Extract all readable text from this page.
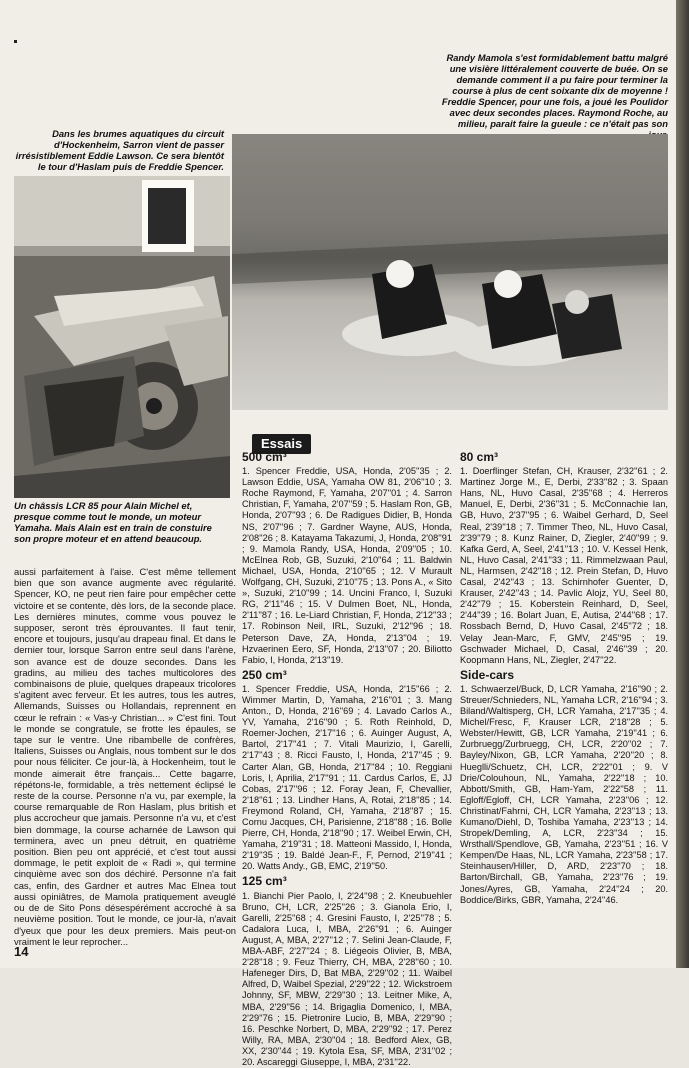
Randy Mamola s'est formidablement battu malgré une visière littéralement couverte de buée. On se demande comment il a pu faire pour terminer la course à plus de cent soixante dix de moyenne ! Freddie Spencer, pour une fois, a joué les Poulidor avec deux secondes places. Raymond Roche, au milieu, parait faire la gueule : ce n'était pas son
Dans les brumes aquatiques du circuit d'Hockenheim, Sarron vient de passer irrésistiblement Eddie Lawson. Ce sera bientôt le tour d'Haslam puis de Freddie Spencer.
Un châssis LCR 85 pour Alain Michel et, presque comme tout le monde, un moteur Yamaha. Mais Alain est en train de constuire son propre moteur et en attend beaucoup.

aussi parfaitement à l'aise. C'est même tellement bien que son avance augmente avec régularité. Spencer, KO, ne peut rien faire pour empêcher cette victoire et se contente, dès lors, de la seconde place. Les dernières minutes, comme vous pouvez le supposer, seront très éprouvantes. Il faut tenir, encore et toujours, jusqu'au drapeau final. Et dans le dernier tour, lorsque Sarron entre seul dans l'arène, son avance est de douze secondes. Dans les gradins, au milieu des taches multicolores des combinaisons de pluie, quelques drapeaux tricolores s'agitent avec ferveur. Et les autres, tous les autres, Allemands, Suisses ou Hollandais, reprennent en cœur le refrain : « Vas-y Christian... » C'est fini. Tout le monde se congratule, se frotte les épaules, se tape sur le ventre. Une ribambelle de confrères, Italiens, Suisses ou Anglais, nous tombent sur le dos pour nous féliciter. Ce jour-là, à Hockenheim, tout le monde aimerait être français... Cette bagarre, répétons-le, formidable, a très nettement éclipsé le reste de la course. Personne n'a vu, par exemple, la course remarquable de Ron Haslam, plus british et plus accrocheur que jamais. Personne n'a vu, et c'est bien dommage, la course acharnée de Lawson qui terminera, avec un pneu détruit, en quatrième position. Bien peu ont apprécié, et c'est tout aussi dommage, le petit exploit de « Radi », qui termine cinquième avec son dos déchiré. Personne n'a fait cas, enfin, des Gardner et autres Mac Elnea tout aussi opiniâtres, de Mamola pratiquement aveuglé ou de de Sito Pons désespérément accroché à sa neuvième position. Tout le monde, ce jour-là, n'avait d'yeux que pour les deux premiers. Mais peut-on vraiment le leur reprocher...

Essais
500 cm³

1. Spencer Freddie, USA, Honda, 2'05''35 ; 2. Lawson Eddie, USA, Yamaha OW 81, 2'06''10 ; 3. Roche Raymond, F, Yamaha, 2'07''01 ; 4. Sarron Christian, F, Yamaha, 2'07''59 ; 5. Haslam Ron, GB, Honda, 2'07''93 ; 6. De Radigues Didier, B, Honda NS, 2'07''96 ; 7. Gardner Wayne, AUS, Honda, 2'08''26 ; 8. Katayama Takazumi, J, Honda, 2'08''91 ; 9. Mamola Randy, USA, Honda, 2'09''05 ; 10. McElnea Rob, GB, Suzuki, 2'10''64 ; 11. Baldwin Michael, USA, Honda, 2'10''65 ; 12. V Murault Wolfgang, CH, Suzuki, 2'10''75 ; 13. Pons A., « Sito », Suzuki, 2'10''99 ; 14. Uncini Franco, I, Suzuki RG, 2'11''46 ; 15. V Dulmen Boet, NL, Honda, 2'11''87 ; 16. Le-Liard Christian, F, Honda, 2'12''33 ; 17. Robinson Neil, IRL, Suzuki, 2'12''96 ; 18. Peterson Dave, ZA, Honda, 2'13''04 ; 19. Hzvaerinen Eero, SF, Honda, 2'13''07 ; 20. Biliotto Fabio, I, Honda, 2'13''19.

250 cm³

1. Spencer Freddie, USA, Honda, 2'15''66 ; 2. Wimmer Martin, D, Yamaha, 2'16''01 ; 3. Mang Anton., D, Honda, 2'16''69 ; 4. Lavado Carlos A., YV, Yamaha, 2'16''90 ; 5. Roth Reinhold, D, Roemer-Jochen, 2'17''16 ; 6. Auinger August, A, Bartol, 2'17''41 ; 7. Vitali Maurizio, I, Garelli, 2'17''43 ; 8. Ricci Fausto, I, Honda, 2'17''45 ; 9. Carter Alan, GB, Honda, 2'17''84 ; 10. Reggiani Loris, I, Aprilia, 2'17''91 ; 11. Cardus Carlos, E, JJ Cobas, 2'17''96 ; 12. Foray Jean, F, Chevallier, 2'18''61 ; 13. Lindher Hans, A, Rotai, 2'18''85 ; 14. Freymond Roland, CH, Yamaha, 2'18''87 ; 15. Cornu Jacques, CH, Parisienne, 2'18''88 ; 16. Bolle Pierre, CH, Honda, 2'18''90 ; 17. Weibel Erwin, CH, Yamaha, 2'19''31 ; 18. Matteoni Massido, I, Honda, 2'19''35 ; 19. Baldé Jean-F., F, Pernod, 2'19''41 ; 20. Watts Andy., GB, EMC, 2'19''50.

125 cm³

1. Bianchi Pier Paolo, I, 2'24''98 ; 2. Kneubuehler Bruno, CH, LCR, 2'25''26 ; 3. Gianola Erio, I, Garelli, 2'25''68 ; 4. Gresini Fausto, I, 2'25''78 ; 5. Cadalora Luca, I, MBA, 2'26''91 ; 6. Auinger August, A, MBA, 2'27''12 ; 7. Selini Jean-Claude, F, MBA-ABF, 2'27''24 ; 8. Liégeois Olivier, B, MBA, 2'28''18 ; 9. Feuz Thierry, CH, MBA, 2'28''60 ; 10. Hafeneger Dirs, D, Bat MBA, 2'29''02 ; 11. Waibel Alfred, D, Waibel Spezial, 2'29''22 ; 12. Wickstroem Johnny, SF, MBW, 2'29''30 ; 13. Leitner Mike, A, MBA, 2'29''56 ; 14. Brigaglia Domenico, I, MBA, 2'29''76 ; 15. Pietronire Lucio, B, MBA, 2'29''90 ; 16. Peschke Norbert, D, MBA, 2'29''92 ; 17. Perez Willy, RA, MBA, 2'30''04 ; 18. Bedford Alex, GB, XX, 2'30''44 ; 19. Kytola Esa, SF, MBA, 2'31''02 ; 20. Ascareggi Giuseppe, I, MBA, 2'31''22.

80 cm³

1. Doerflinger Stefan, CH, Krauser, 2'32''61 ; 2. Martinez Jorge M., E, Derbi, 2'33''82 ; 3. Spaan Hans, NL, Huvo Casal, 2'35''68 ; 4. Herreros Manuel, E, Derbi, 2'36''31 ; 5. McConnachie Ian, GB, Huvo, 2'37''95 ; 6. Waibel Gerhard, D, Seel Real, 2'39''18 ; 7. Timmer Theo, NL, Huvo Casal, 2'39''79 ; 8. Kunz Rainer, D, Ziegler, 2'40''99 ; 9. Kafka Gerd, A, Seel, 2'41''13 ; 10. V. Kessel Henk, NL, Huvo Casal, 2'41''33 ; 11. Rimmelzwaan Paul, NL, Harmsen, 2'42''18 ; 12. Prein Stefan, D, Huvo Casal, 2'42''43 ; 13. Schirnhofer Guenter, D, Krauser, 2'42''43 ; 14. Pavlic Alojz, YU, Seel 80, 2'42''79 ; 15. Koberstein Reinhard, D, Seel, 2'44''39 ; 16. Bolart Juan, E, Autisa, 2'44''68 ; 17. Rossbach Bernd, D, Huvo Casal, 2'45''72 ; 18. Velay Jean-Marc, F, GMV, 2'45''95 ; 19. Gschwader Michael, D, Casal, 2'46''39 ; 20. Koopmann Hans, NL, Ziegler, 2'47''22.

Side-cars

1. Schwaerzel/Buck, D, LCR Yamaha, 2'16''90 ; 2. Streuer/Schnieders, NL, Yamaha LCR, 2'16''94 ; 3. Biland/Waltisperg, CH, LCR Yamaha, 2'17''35 ; 4. Michel/Fresc, F, Krauser LCR, 2'18''28 ; 5. Webster/Hewitt, GB, LCR Yamaha, 2'19''41 ; 6. Zurbruegg/Zurbruegg, CH, LCR, 2'20''02 ; 7. Bayley/Nixon, GB, LCR Yamaha, 2'20''20 ; 8. Hueglli/Schuetz, CH, LCR, 2'22''01 ; 9. V Drie/Colouhoun, NL, Yamaha, 2'22''18 ; 10. Abbott/Smith, GB, Ham-Yam, 2'22''58 ; 11. Egloff/Egloff, CH, LCR Yamaha, 2'23''06 ; 12. Christinat/Fahrni, CH, LCR Yamaha, 2'23''13 ; 13. Kumano/Diehl, D, Toshiba Yamaha, 2'23''13 ; 14. Stropek/Demling, A, LCR, 2'23''34 ; 15. Wrsthall/Spendlove, GB, Yamaha, 2'23''51 ; 16. V Kempen/De Haas, NL, LCR Yamaha, 2'23''58 ; 17. Steinhausen/Hiller, D, ARD, 2'23''70 ; 18. Barton/Birchall, GB, Yamaha, 2'23''76 ; 19. Jones/Ayres, GB, Yamaha, 2'24''24 ; 20. Boddice/Birks, GBR, Yamaha, 2'24''46.

14
